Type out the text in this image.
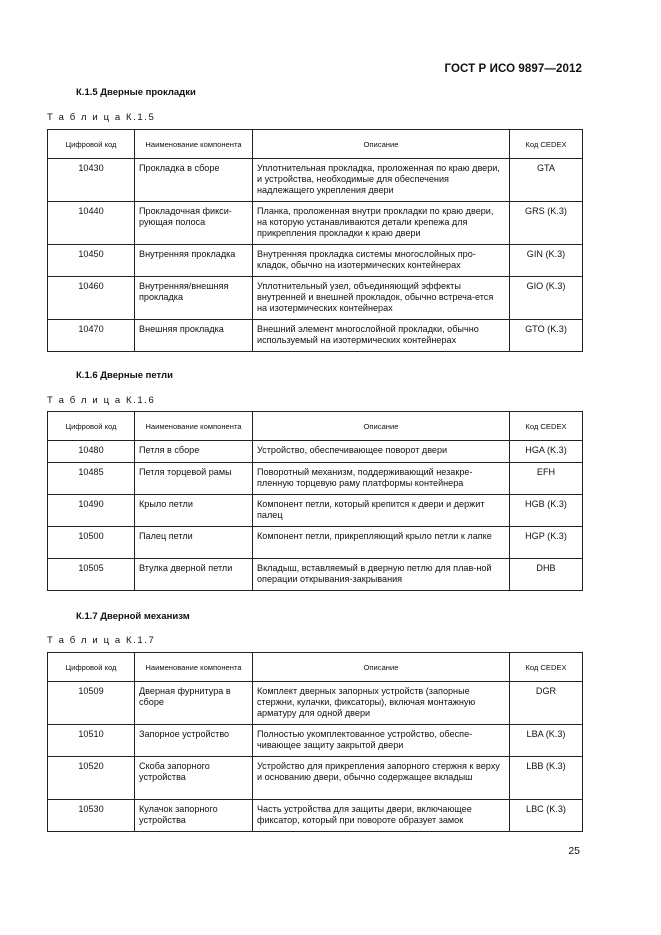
ГОСТ Р ИСО 9897—2012
К.1.5 Дверные прокладки
Т а б л и ц а К.1.5
Цифровой код	Наименование компонента	Описание	Код CEDEX
10430	Прокладка в сборе	Уплотнительная прокладка, проложенная по краю двери, и устройства, необходимые для обеспечения надлежащего укрепления двери	GTA
10440	Прокладочная фикси-рующая полоса	Планка, проложенная внутри прокладки по краю двери, на которую устанавливаются детали крепежа для прикрепления прокладки к краю двери	GRS (K.3)
10450	Внутренняя прокладка	Внутренняя прокладка системы многослойных про-кладок, обычно на изотермических контейнерах	GIN (K.3)
10460	Внутренняя/внешняя прокладка	Уплотнительный узел, объединяющий эффекты внутренней и внешней прокладок, обычно встреча-ется на изотермических контейнерах	GIO (K.3)
10470	Внешняя прокладка	Внешний элемент многослойной прокладки, обычно используемый на изотермических контейнерах	GTO (K.3)
К.1.6 Дверные петли
Т а б л и ц а К.1.6
Цифровой код	Наименование компонента	Описание	Код CEDEX
10480	Петля в сборе	Устройство, обеспечивающее поворот двери	HGA (K.3)
10485	Петля торцевой рамы	Поворотный механизм, поддерживающий незакре-пленную торцевую раму платформы контейнера	EFH
10490	Крыло петли	Компонент петли, который крепится к двери и держит палец	HGB (K.3)
10500	Палец петли	Компонент петли, прикрепляющий крыло петли к лапке	HGP (K.3)
10505	Втулка дверной петли	Вкладыш, вставляемый в дверную петлю для плав-ной операции открывания-закрывания	DHB
К.1.7 Дверной механизм
Т а б л и ц а К.1.7
Цифровой код	Наименование компонента	Описание	Код CEDEX
10509	Дверная фурнитура в сборе	Комплект дверных запорных устройств (запорные стержни, кулачки, фиксаторы), включая монтажную арматуру для одной двери	DGR
10510	Запорное устройство	Полностью укомплектованное устройство, обеспе-чивающее защиту закрытой двери	LBA (K.3)
10520	Скоба запорного устройства	Устройство для прикрепления запорного стержня к верху и основанию двери, обычно содержащее вкладыш	LBB (K.3)
10530	Кулачок запорного устройства	Часть устройства для защиты двери, включающее фиксатор, который при повороте образует замок	LBC (K.3)
25
